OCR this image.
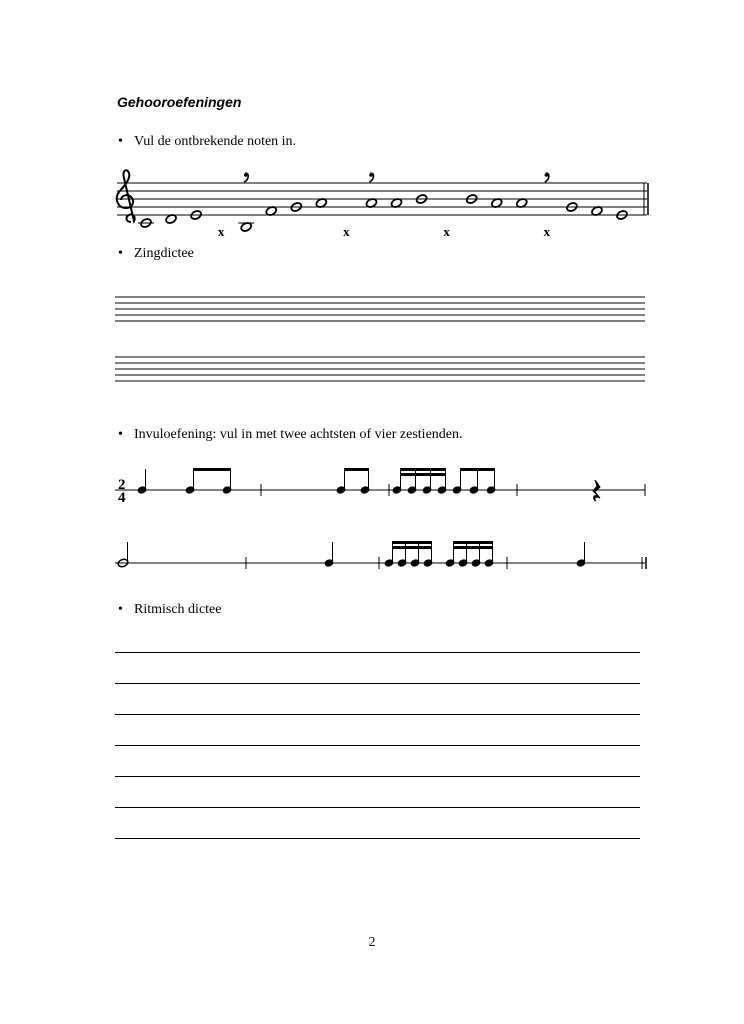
Gehooroefeningen
• Vul de ontbrekende noten in.
x	x	x	x
• Zingdictee
• Invuloefening: vul in met twee achtsten of vier zestienden.
2
4
• Ritmisch dictee
2
